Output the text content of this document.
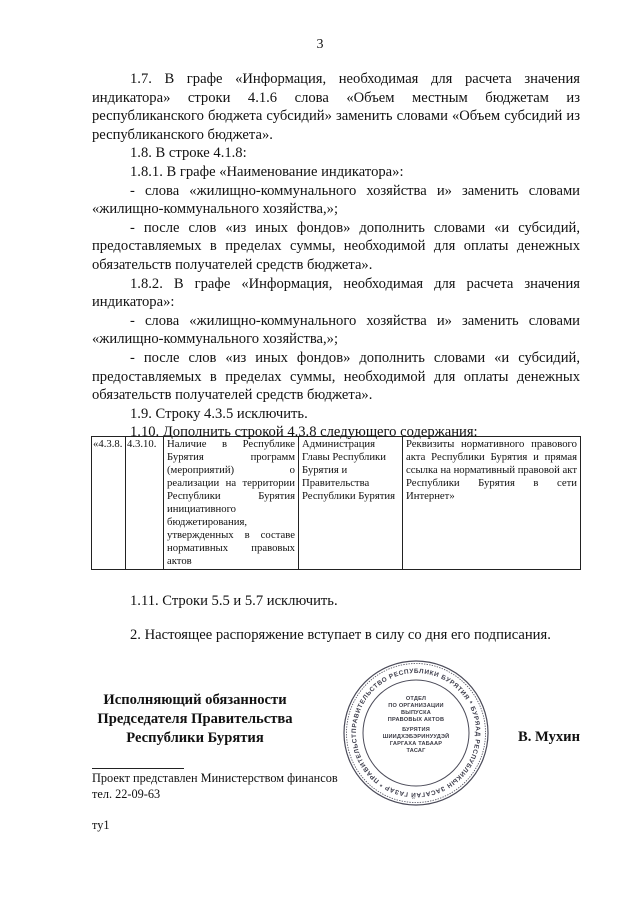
3

1.7. В графе «Информация, необходимая для расчета значения индикатора» строки 4.1.6 слова «Объем местным бюджетам из республиканского бюджета субсидий» заменить словами «Объем субсидий из республиканского бюджета».

1.8. В строке 4.1.8:

1.8.1. В графе «Наименование индикатора»:

- слова «жилищно-коммунального хозяйства и» заменить словами «жилищно-коммунального хозяйства,»;

- после слов «из иных фондов» дополнить словами «и субсидий, предоставляемых в пределах суммы, необходимой для оплаты денежных обязательств получателей средств бюджета».

1.8.2. В графе «Информация, необходимая для расчета значения индикатора»:

- слова «жилищно-коммунального хозяйства и» заменить словами «жилищно-коммунального хозяйства,»;

- после слов «из иных фондов» дополнить словами «и субсидий, предоставляемых в пределах суммы, необходимой для оплаты денежных обязательств получателей средств бюджета».

1.9. Строку 4.3.5 исключить.

1.10. Дополнить строкой 4.3.8 следующего содержания:

«4.3.8.	4.3.10.	Наличие в Республике Бурятия программ (мероприятий) о реализации на территории Республики Бурятия инициативного бюджетирования, утвержденных в составе нормативных правовых актов	Администрация Главы Республики Бурятия и Правительства Республики Бурятия	Реквизиты нормативного правового акта Республики Бурятия и прямая ссылка на нормативный правовой акт Республики Бурятия в сети Интернет»

1.11. Строки 5.5 и 5.7 исключить.

2. Настоящее распоряжение вступает в силу со дня его подписания.

Исполняющий обязанности
Председателя Правительства
Республики Бурятия	ПРАВИТЕЛЬСТВО РЕСПУБЛИКИ БУРЯТИЯ * БУРЯАД РЕСПУБЛИКЫН ЗАСАГАЙ ГАЗАР * ПРАВИТЕЛЬСТ
ОТДЕЛ
ПО ОРГАНИЗАЦИИ
ВЫПУСКА
ПРАВОВЫХ АКТОВ
БУРЯТИЯ
ШИИДХЭБЭРИНУУДЭЙ
ГАРГАХА ТАБААР
ТАСАГ
В. Мухин
Проект представлен Министерством финансов
тел. 22-09-63
ту1
